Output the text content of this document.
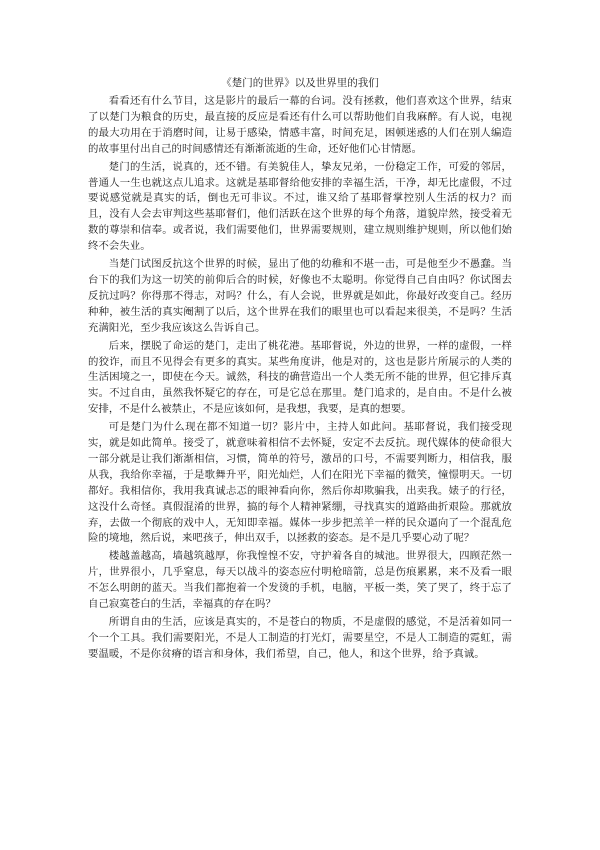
《楚门的世界》以及世界里的我们

看看还有什么节目，这是影片的最后一幕的台词。没有拯救，他们喜欢这个世界，结束了以楚门为粮食的历史，最直接的反应是看还有什么可以帮助他们自我麻醉。有人说，电视的最大功用在于消磨时间，让易于感染，情感丰富，时间充足，困顿迷惑的人们在别人编造的故事里付出自己的时间感情还有渐渐流逝的生命，还好他们心甘情愿。

楚门的生活，说真的，还不错。有美貌佳人，挚友兄弟，一份稳定工作，可爱的邻居，普通人一生也就这点儿追求。这就是基耶督给他安排的幸福生活，干净，却无比虚假，不过要说感觉就是真实的话，倒也无可非议。不过，谁又给了基耶督掌控别人生活的权力？而且，没有人会去审判这些基耶督们，他们活跃在这个世界的每个角落，道貌岸然，接受着无数的尊崇和信奉。或者说，我们需要他们，世界需要规则，建立规则维护规则，所以他们始终不会失业。

当楚门试图反抗这个世界的时候，显出了他的幼稚和不堪一击，可是他至少不愚蠢。当台下的我们为这一切笑的前仰后合的时候，好像也不太聪明。你觉得自己自由吗？你试图去反抗过吗？你得那不得志，对吗？什么，有人会说，世界就是如此，你最好改变自己。经历种种，被生活的真实阉割了以后，这个世界在我们的眼里也可以看起来很美，不是吗？生活充满阳光，至少我应该这么告诉自己。

后来，摆脱了命运的楚门，走出了桃花港。基耶督说，外边的世界，一样的虚假，一样的狡诈，而且不见得会有更多的真实。某些角度讲，他是对的，这也是影片所展示的人类的生活困境之一，即使在今天。诚然，科技的确营造出一个人类无所不能的世界，但它排斥真实。不过自由，虽然我怀疑它的存在，可是它总在那里。楚门追求的，是自由。不是什么被安排，不是什么被禁止，不是应该如何，是我想，我要，是真的想要。

可是楚门为什么现在都不知道一切？影片中，主持人如此问。基耶督说，我们接受现实，就是如此简单。接受了，就意味着相信不去怀疑，安定不去反抗。现代媒体的使命很大一部分就是让我们渐渐相信，习惯，简单的符号，激昂的口号，不需要判断力，相信我，服从我，我给你幸福，于是歌舞升平，阳光灿烂，人们在阳光下幸福的微笑，憧憬明天。一切都好。我相信你，我用我真诚忐忑的眼神看向你，然后你却欺骗我，出卖我。婊子的行径，这没什么奇怪。真假混淆的世界，搞的每个人精神紧绷，寻找真实的道路曲折艰险。那就放弃，去做一个彻底的戏中人，无知即幸福。媒体一步步把羔羊一样的民众逼向了一个混乱危险的境地，然后说，来吧孩子，伸出双手，以拯救的姿态。是不是几乎要心动了呢？

楼越盖越高，墙越筑越厚，你我惶惶不安，守护着各自的城池。世界很大，四顾茫然一片，世界很小，几乎窒息，每天以战斗的姿态应付明枪暗箭，总是伤痕累累，来不及看一眼不怎么明朗的蓝天。当我们都抱着一个发烫的手机，电脑，平板一类，笑了哭了，终于忘了自己寂寞苍白的生活，幸福真的存在吗？

所谓自由的生活，应该是真实的，不是苍白的物质，不是虚假的感觉，不是活着如同一个一个工具。我们需要阳光，不是人工制造的打光灯，需要星空，不是人工制造的霓虹，需要温暖，不是你贫瘠的语言和身体，我们希望，自己，他人，和这个世界，给予真诚。
